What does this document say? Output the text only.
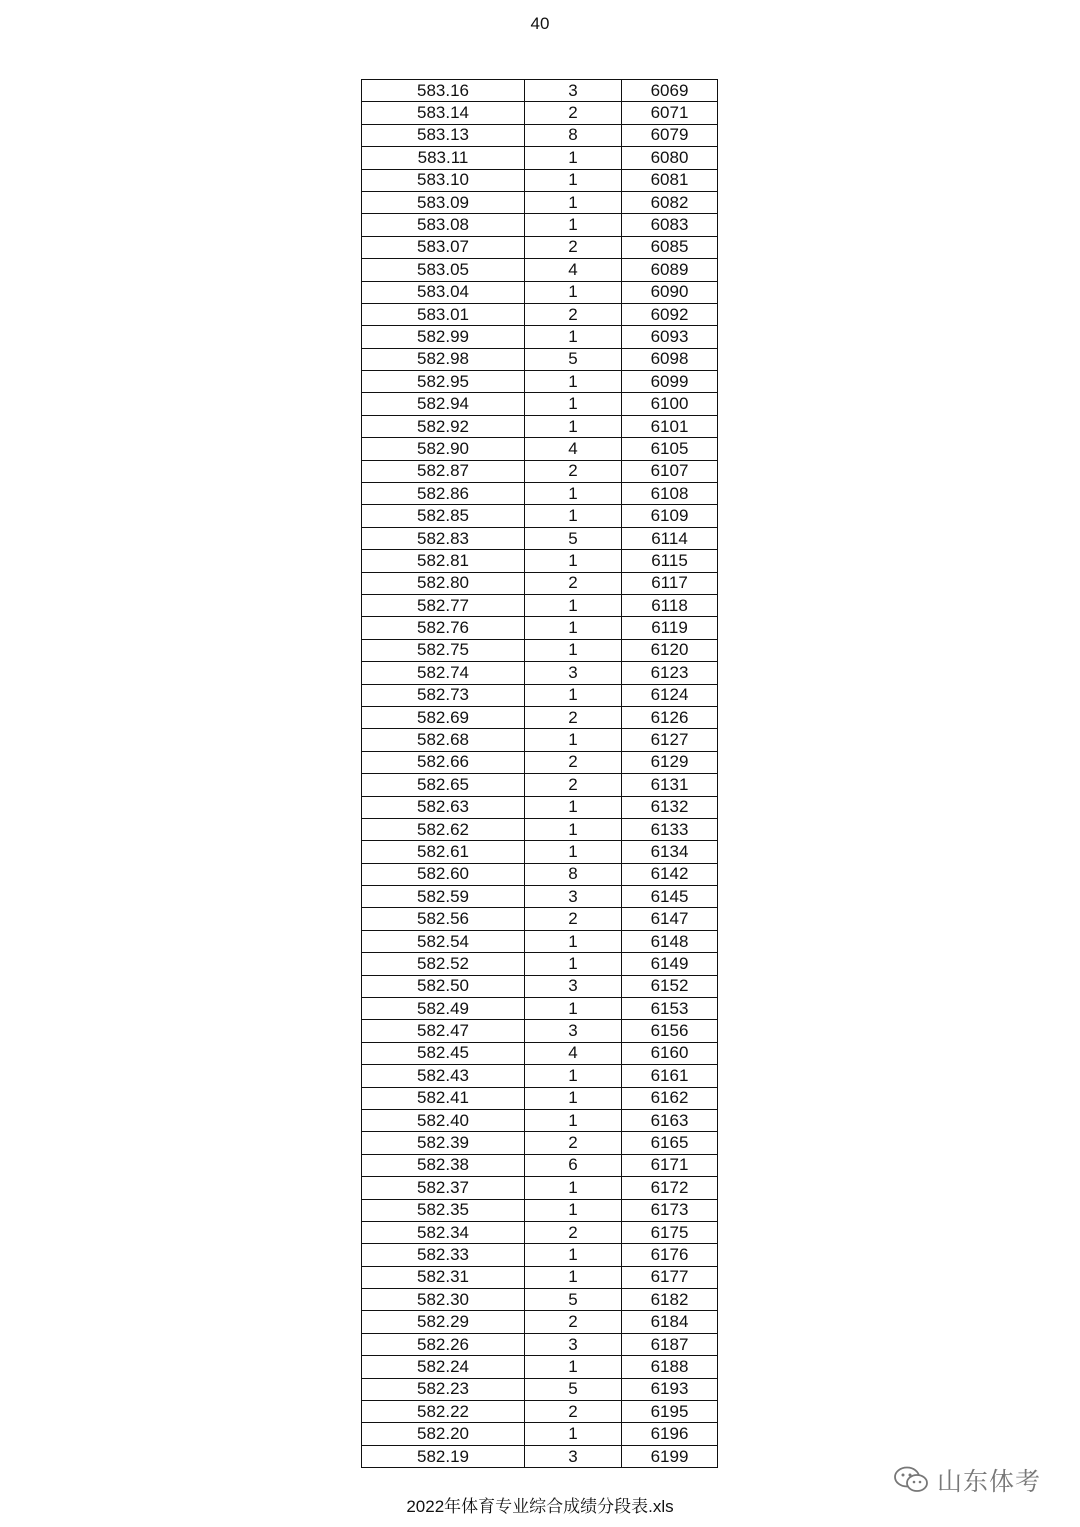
40
583.16	3	6069
583.14	2	6071
583.13	8	6079
583.11	1	6080
583.10	1	6081
583.09	1	6082
583.08	1	6083
583.07	2	6085
583.05	4	6089
583.04	1	6090
583.01	2	6092
582.99	1	6093
582.98	5	6098
582.95	1	6099
582.94	1	6100
582.92	1	6101
582.90	4	6105
582.87	2	6107
582.86	1	6108
582.85	1	6109
582.83	5	6114
582.81	1	6115
582.80	2	6117
582.77	1	6118
582.76	1	6119
582.75	1	6120
582.74	3	6123
582.73	1	6124
582.69	2	6126
582.68	1	6127
582.66	2	6129
582.65	2	6131
582.63	1	6132
582.62	1	6133
582.61	1	6134
582.60	8	6142
582.59	3	6145
582.56	2	6147
582.54	1	6148
582.52	1	6149
582.50	3	6152
582.49	1	6153
582.47	3	6156
582.45	4	6160
582.43	1	6161
582.41	1	6162
582.40	1	6163
582.39	2	6165
582.38	6	6171
582.37	1	6172
582.35	1	6173
582.34	2	6175
582.33	1	6176
582.31	1	6177
582.30	5	6182
582.29	2	6184
582.26	3	6187
582.24	1	6188
582.23	5	6193
582.22	2	6195
582.20	1	6196
582.19	3	6199
山东体考
2022年体育专业综合成绩分段表.xls
